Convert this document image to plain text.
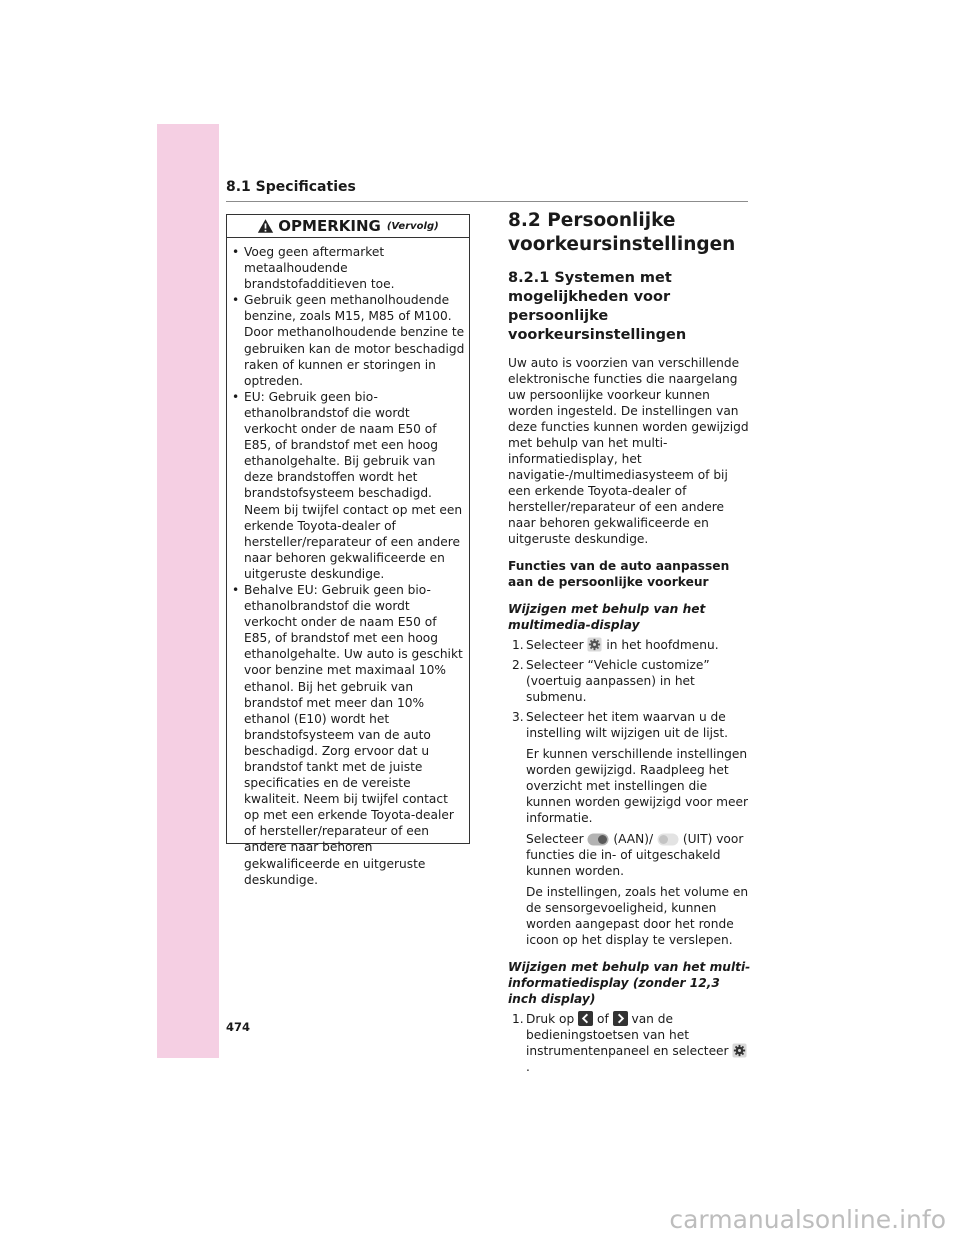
8.1 Specificaties
OPMERKING (Vervolg)
• Voeg geen aftermarket metaalhoudende brandstofadditieven toe.
• Gebruik geen methanolhoudende benzine, zoals M15, M85 of M100. Door methanolhoudende benzine te gebruiken kan de motor beschadigd raken of kunnen er storingen in optreden.
• EU: Gebruik geen bio-ethanolbrandstof die wordt verkocht onder de naam E50 of E85, of brandstof met een hoog ethanolgehalte. Bij gebruik van deze brandstoffen wordt het brandstofsysteem beschadigd. Neem bij twijfel contact op met een erkende Toyota-dealer of hersteller/reparateur of een andere naar behoren gekwalificeerde en uitgeruste deskundige.
• Behalve EU: Gebruik geen bio-ethanolbrandstof die wordt verkocht onder de naam E50 of E85, of brandstof met een hoog ethanolgehalte. Uw auto is geschikt voor benzine met maximaal 10% ethanol. Bij het gebruik van brandstof met meer dan 10% ethanol (E10) wordt het brandstofsysteem van de auto beschadigd. Zorg ervoor dat u brandstof tankt met de juiste specificaties en de vereiste kwaliteit. Neem bij twijfel contact op met een erkende Toyota-dealer of hersteller/reparateur of een andere naar behoren gekwalificeerde en uitgeruste deskundige.
8.2 Persoonlijke voorkeursinstellingen
8.2.1 Systemen met mogelijkheden voor persoonlijke voorkeursinstellingen

Uw auto is voorzien van verschillende elektronische functies die naargelang uw persoonlijke voorkeur kunnen worden ingesteld. De instellingen van deze functies kunnen worden gewijzigd met behulp van het multi-informatiedisplay, het navigatie-/multimediasysteem of bij een erkende Toyota-dealer of hersteller/reparateur of een andere naar behoren gekwalificeerde en uitgeruste deskundige.

Functies van de auto aanpassen aan de persoonlijke voorkeur

Wijzigen met behulp van het multimedia-display

1. Selecteer in het hoofdmenu.
2. Selecteer “Vehicle customize” (voertuig aanpassen) in het submenu.
3. Selecteer het item waarvan u de instelling wilt wijzigen uit de lijst.

Er kunnen verschillende instellingen worden gewijzigd. Raadpleeg het overzicht met instellingen die kunnen worden gewijzigd voor meer informatie.

Selecteer (AAN)/ (UIT) voor functies die in- of uitgeschakeld kunnen worden.

De instellingen, zoals het volume en de sensorgevoeligheid, kunnen worden aangepast door het ronde icoon op het display te verslepen.

Wijzigen met behulp van het multi-informatiedisplay (zonder 12,3 inch display)

1. Druk op of van de bedieningstoetsen van het instrumentenpaneel en selecteer  .
474
carmanualsonline.info
